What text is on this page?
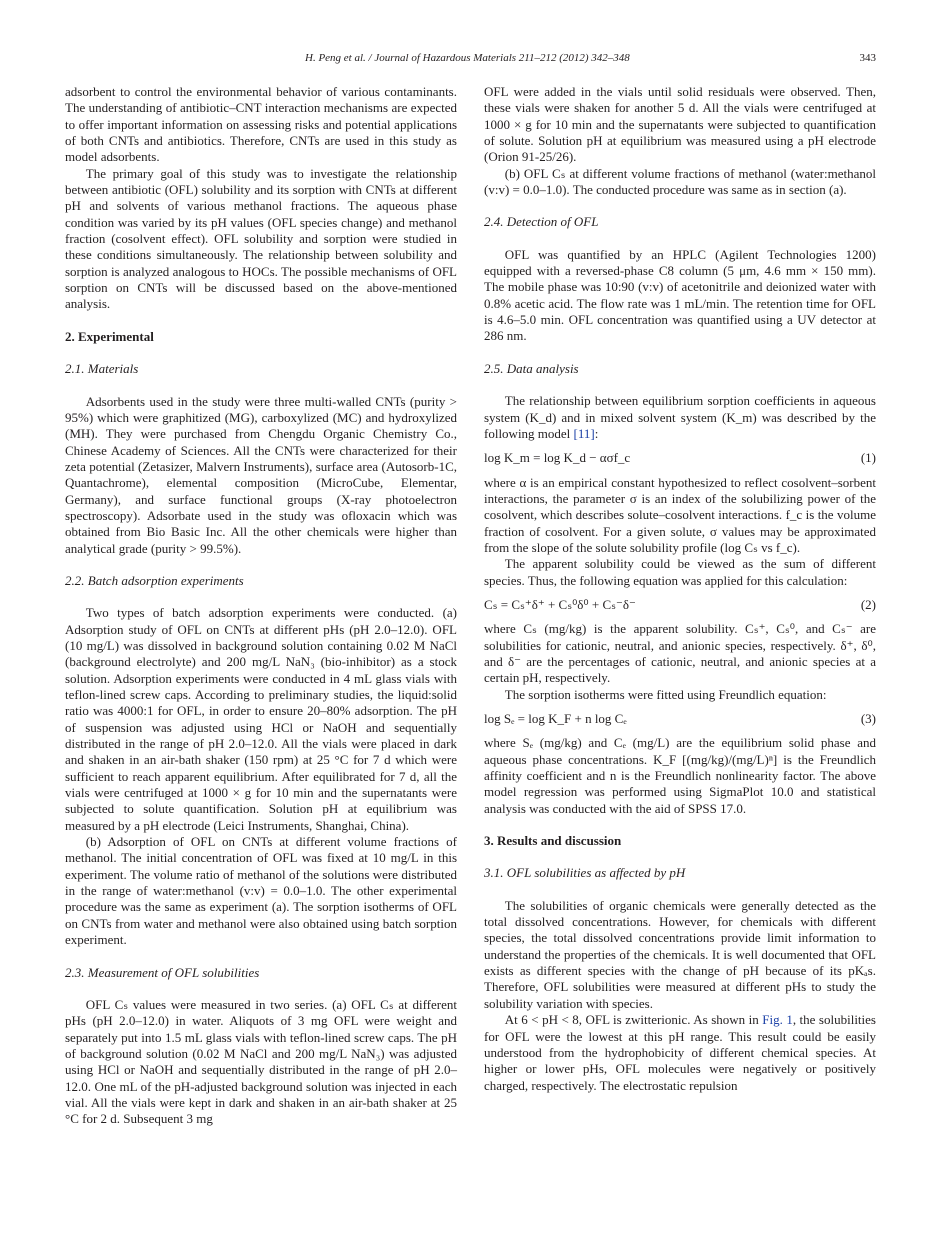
H. Peng et al. / Journal of Hazardous Materials 211–212 (2012) 342–348	343

adsorbent to control the environmental behavior of various contaminants. The understanding of antibiotic–CNT interaction mechanisms are expected to offer important information on assessing risks and potential applications of both CNTs and antibiotics. Therefore, CNTs are used in this study as model adsorbents.

The primary goal of this study was to investigate the relationship between antibiotic (OFL) solubility and its sorption with CNTs at different pH and solvents of various methanol fractions. The aqueous phase condition was varied by its pH values (OFL species change) and methanol fraction (cosolvent effect). OFL solubility and sorption were studied in these conditions simultaneously. The relationship between solubility and sorption is analyzed analogous to HOCs. The possible mechanisms of OFL sorption on CNTs will be discussed based on the above-mentioned analysis.

2. Experimental
2.1. Materials

Adsorbents used in the study were three multi-walled CNTs (purity > 95%) which were graphitized (MG), carboxylized (MC) and hydroxylized (MH). They were purchased from Chengdu Organic Chemistry Co., Chinese Academy of Sciences. All the CNTs were characterized for their zeta potential (Zetasizer, Malvern Instruments), surface area (Autosorb-1C, Quantachrome), elemental composition (MicroCube, Elementar, Germany), and surface functional groups (X-ray photoelectron spectroscopy). Adsorbate used in the study was ofloxacin which was obtained from Bio Basic Inc. All the other chemicals were higher than analytical grade (purity > 99.5%).

2.2. Batch adsorption experiments

Two types of batch adsorption experiments were conducted. (a) Adsorption study of OFL on CNTs at different pHs (pH 2.0–12.0). OFL (10 mg/L) was dissolved in background solution containing 0.02 M NaCl (background electrolyte) and 200 mg/L NaN₃ (bio-inhibitor) as a stock solution. Adsorption experiments were conducted in 4 mL glass vials with teflon-lined screw caps. According to preliminary studies, the liquid:solid ratio was 4000:1 for OFL, in order to ensure 20–80% adsorption. The pH of suspension was adjusted using HCl or NaOH and sequentially distributed in the range of pH 2.0–12.0. All the vials were placed in dark and shaken in an air-bath shaker (150 rpm) at 25 °C for 7 d which were sufficient to reach apparent equilibrium. After equilibrated for 7 d, all the vials were centrifuged at 1000 × g for 10 min and the supernatants were subjected to solute quantification. Solution pH at equilibrium was measured by a pH electrode (Leici Instruments, Shanghai, China).

(b) Adsorption of OFL on CNTs at different volume fractions of methanol. The initial concentration of OFL was fixed at 10 mg/L in this experiment. The volume ratio of methanol of the solutions were distributed in the range of water:methanol (v:v) = 0.0–1.0. The other experimental procedure was the same as experiment (a). The sorption isotherms of OFL on CNTs from water and methanol were also obtained using batch sorption experiment.

2.3. Measurement of OFL solubilities

OFL Cₛ values were measured in two series. (a) OFL Cₛ at different pHs (pH 2.0–12.0) in water. Aliquots of 3 mg OFL were weight and separately put into 1.5 mL glass vials with teflon-lined screw caps. The pH of background solution (0.02 M NaCl and 200 mg/L NaN₃) was adjusted using HCl or NaOH and sequentially distributed in the range of pH 2.0–12.0. One mL of the pH-adjusted background solution was injected in each vial. All the vials were kept in dark and shaken in an air-bath shaker at 25 °C for 2 d. Subsequent 3 mg

OFL were added in the vials until solid residuals were observed. Then, these vials were shaken for another 5 d. All the vials were centrifuged at 1000 × g for 10 min and the supernatants were subjected to quantification of solute. Solution pH at equilibrium was measured using a pH electrode (Orion 91-25/26).

(b) OFL Cₛ at different volume fractions of methanol (water:methanol (v:v) = 0.0–1.0). The conducted procedure was same as in section (a).

2.4. Detection of OFL

OFL was quantified by an HPLC (Agilent Technologies 1200) equipped with a reversed-phase C8 column (5 μm, 4.6 mm × 150 mm). The mobile phase was 10:90 (v:v) of acetonitrile and deionized water with 0.8% acetic acid. The flow rate was 1 mL/min. The retention time for OFL is 4.6–5.0 min. OFL concentration was quantified using a UV detector at 286 nm.

2.5. Data analysis

The relationship between equilibrium sorption coefficients in aqueous system (K_d) and in mixed solvent system (K_m) was described by the following model [11]:

log K_m = log K_d − ασf_c	(1)

where α is an empirical constant hypothesized to reflect cosolvent–sorbent interactions, the parameter σ is an index of the solubilizing power of the cosolvent, which describes solute–cosolvent interactions. f_c is the volume fraction of cosolvent. For a given solute, σ values may be approximated from the slope of the solute solubility profile (log Cₛ vs f_c).

The apparent solubility could be viewed as the sum of different species. Thus, the following equation was applied for this calculation:

Cₛ = Cₛ⁺δ⁺ + Cₛ⁰δ⁰ + Cₛ⁻δ⁻	(2)

where Cₛ (mg/kg) is the apparent solubility. Cₛ⁺, Cₛ⁰, and Cₛ⁻ are solubilities for cationic, neutral, and anionic species, respectively. δ⁺, δ⁰, and δ⁻ are the percentages of cationic, neutral, and anionic species at a certain pH, respectively.

The sorption isotherms were fitted using Freundlich equation:

log Sₑ = log K_F + n log Cₑ	(3)

where Sₑ (mg/kg) and Cₑ (mg/L) are the equilibrium solid phase and aqueous phase concentrations. K_F [(mg/kg)/(mg/L)ⁿ] is the Freundlich affinity coefficient and n is the Freundlich nonlinearity factor. The above model regression was performed using SigmaPlot 10.0 and statistical analysis was conducted with the aid of SPSS 17.0.

3. Results and discussion
3.1. OFL solubilities as affected by pH

The solubilities of organic chemicals were generally detected as the total dissolved concentrations. However, for chemicals with different species, the total dissolved concentrations provide limit information to understand the properties of the chemicals. It is well documented that OFL exists as different species with the change of pH because of its pKₐs. Therefore, OFL solubilities were measured at different pHs to study the solubility variation with species.

At 6 < pH < 8, OFL is zwitterionic. As shown in Fig. 1, the solubilities for OFL were the lowest at this pH range. This result could be easily understood from the hydrophobicity of different chemical species. At higher or lower pHs, OFL molecules were negatively or positively charged, respectively. The electrostatic repulsion
